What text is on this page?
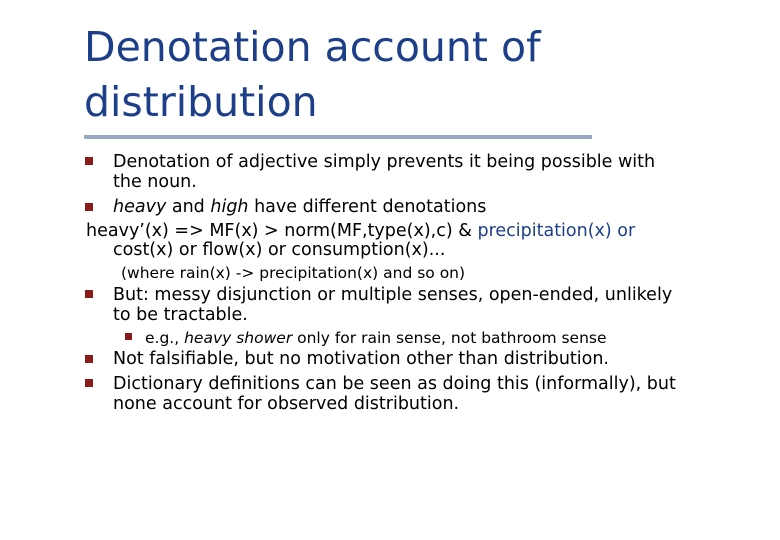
Denotation account of
distribution
Denotation of adjective simply prevents it being possible with
the noun.
heavy and high have different denotations
heavy’(x) => MF(x) > norm(MF,type(x),c) & precipitation(x) or
cost(x) or flow(x) or consumption(x)...
(where rain(x) -> precipitation(x) and so on)
But: messy disjunction or multiple senses, open-ended, unlikely
to be tractable.
e.g., heavy shower only for rain sense, not bathroom sense
Not falsifiable, but no motivation other than distribution.
Dictionary definitions can be seen as doing this (informally), but
none account for observed distribution.
